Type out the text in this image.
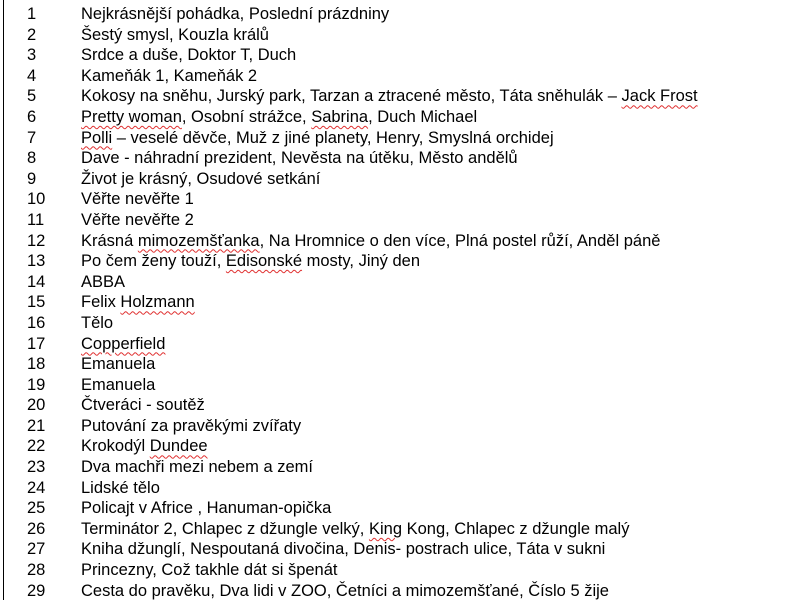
1	Nejkrásnější pohádka, Poslední prázdniny
2	Šestý smysl, Kouzla králů
3	Srdce a duše, Doktor T, Duch
4	Kameňák 1, Kameňák 2
5	Kokosy na sněhu, Jurský park, Tarzan a ztracené město, Táta sněhulák – Jack Frost
6	Pretty woman, Osobní strážce, Sabrina, Duch Michael
7	Polli – veselé děvče, Muž z jiné planety, Henry, Smyslná orchidej
8	Dave - náhradní prezident, Nevěsta na útěku, Město andělů
9	Život je krásný, Osudové setkání
10 Věřte nevěřte 1
11 Věřte nevěřte 2
12 Krásná mimozemšťanka, Na Hromnice o den více, Plná postel růží, Anděl páně
13 Po čem ženy touží, Edisonské mosty, Jiný den
14 ABBA
15 Felix Holzmann
16 Tělo
17 Copperfield
18 Emanuela
19 Emanuela
20 Čtveráci - soutěž
21 Putování za pravěkými zvířaty
22 Krokodýl Dundee
23 Dva machři mezi nebem a zemí
24 Lidské tělo
25 Policajt v Africe , Hanuman-opička
26 Terminátor 2, Chlapec z džungle velký, King Kong, Chlapec z džungle malý
27 Kniha džunglí, Nespoutaná divočina, Denis- postrach ulice, Táta v sukni
28 Princezny, Což takhle dát si špenát
29 Cesta do pravěku, Dva lidi v ZOO, Četníci a mimozemšťané, Číslo 5 žije
